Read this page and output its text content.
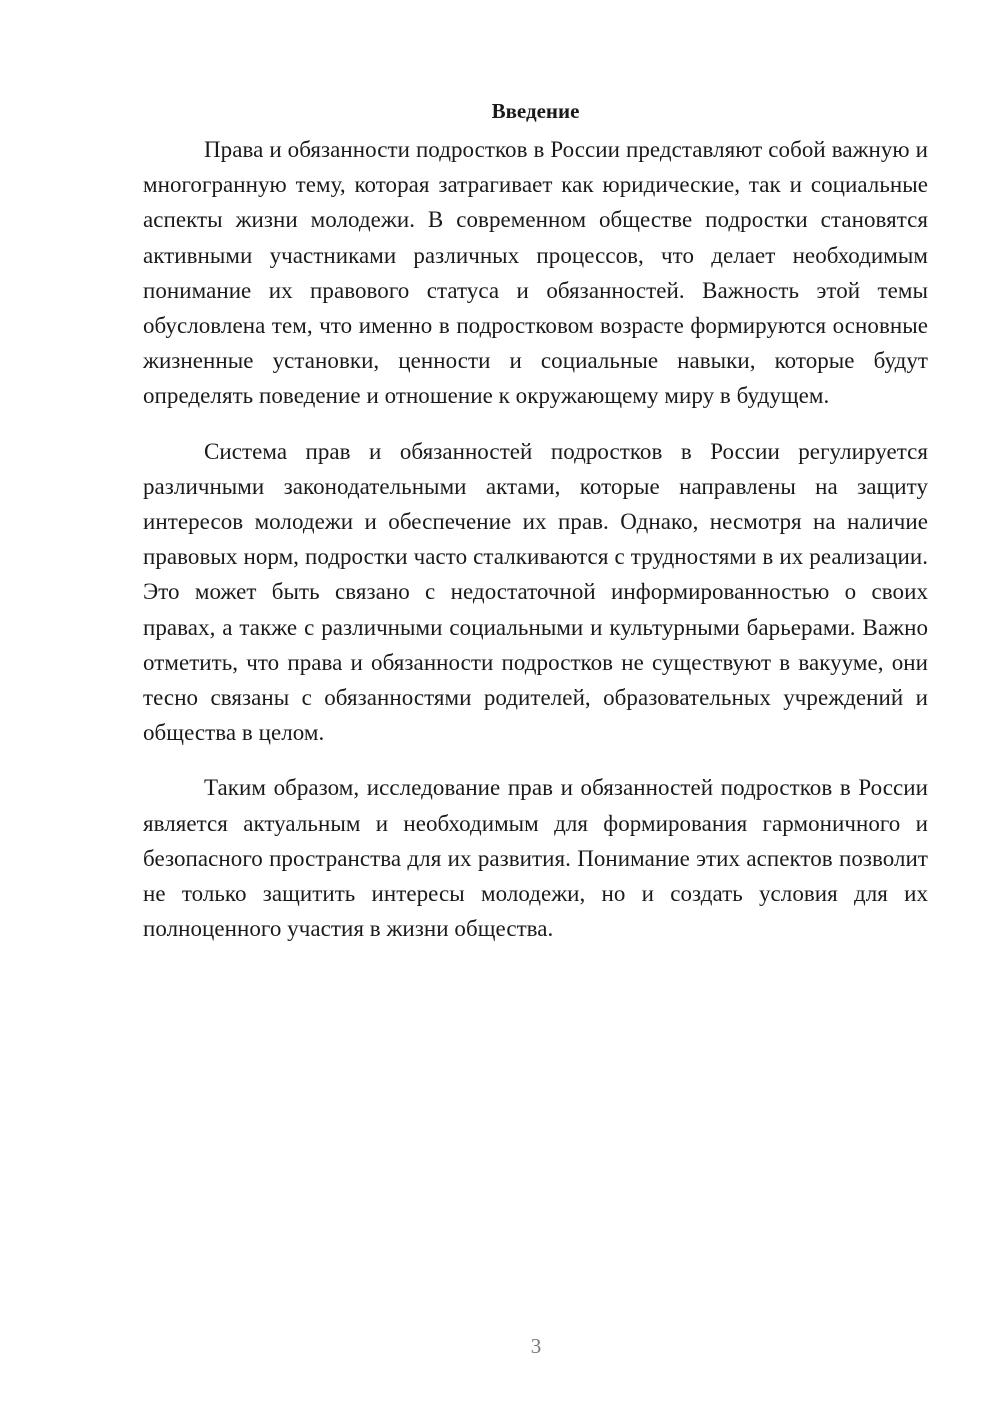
Введение

Права и обязанности подростков в России представляют собой важную и многогранную тему, которая затрагивает как юридические, так и социальные аспекты жизни молодежи. В современном обществе подростки становятся активными участниками различных процессов, что делает необходимым понимание их правового статуса и обязанностей. Важность этой темы обусловлена тем, что именно в подростковом возрасте формируются основные жизненные установки, ценности и социальные навыки, которые будут определять поведение и отношение к окружающему миру в будущем.

Система прав и обязанностей подростков в России регулируется различными законодательными актами, которые направлены на защиту интересов молодежи и обеспечение их прав. Однако, несмотря на наличие правовых норм, подростки часто сталкиваются с трудностями в их реализации. Это может быть связано с недостаточной информированностью о своих правах, а также с различными социальными и культурными барьерами. Важно отметить, что права и обязанности подростков не существуют в вакууме, они тесно связаны с обязанностями родителей, образовательных учреждений и общества в целом.

Таким образом, исследование прав и обязанностей подростков в России является актуальным и необходимым для формирования гармоничного и безопасного пространства для их развития. Понимание этих аспектов позволит не только защитить интересы молодежи, но и создать условия для их полноценного участия в жизни общества.

3
